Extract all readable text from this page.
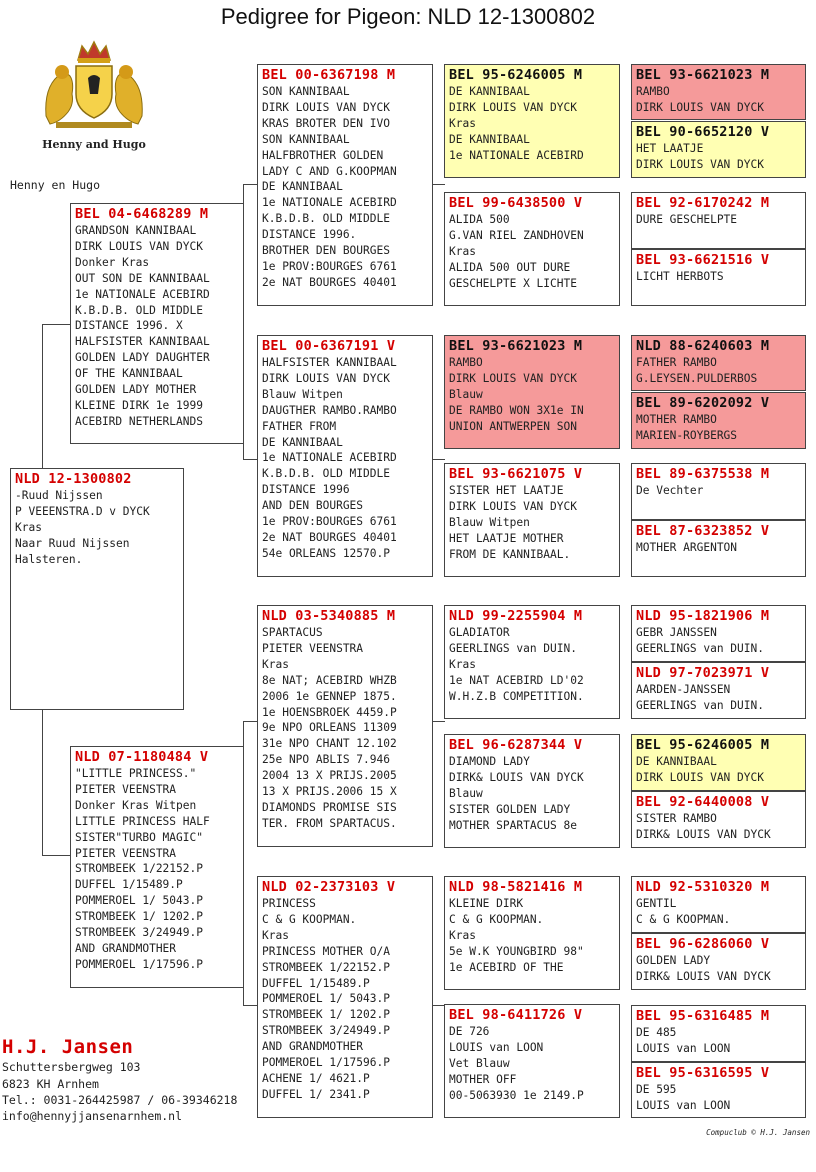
Pedigree for Pigeon: NLD 12-1300802
Henny and Hugo
Henny en Hugo
NLD 12-1300802
-Ruud Nijssen
P VEEENSTRA.D v DYCK
Kras
Naar Ruud Nijssen
Halsteren.
BEL 04-6468289 M
GRANDSON KANNIBAAL
DIRK LOUIS VAN DYCK
Donker Kras
OUT SON DE KANNIBAAL
1e NATIONALE ACEBIRD
K.B.D.B. OLD MIDDLE
DISTANCE 1996. X
HALFSISTER KANNIBAAL
GOLDEN LADY DAUGHTER
OF THE KANNIBAAL
GOLDEN LADY MOTHER
KLEINE DIRK 1e 1999
ACEBIRD NETHERLANDS
NLD 07-1180484 V
"LITTLE PRINCESS."
PIETER VEENSTRA
Donker Kras Witpen
LITTLE PRINCESS HALF
SISTER"TURBO MAGIC"
PIETER VEENSTRA
STROMBEEK 1/22152.P
DUFFEL 1/15489.P
POMMEROEL 1/ 5043.P
STROMBEEK 1/ 1202.P
STROMBEEK 3/24949.P
AND GRANDMOTHER
POMMEROEL 1/17596.P
BEL 00-6367198 M
SON KANNIBAAL
DIRK LOUIS VAN DYCK
KRAS BROTER DEN IVO
SON KANNIBAAL
HALFBROTHER GOLDEN
LADY C AND G.KOOPMAN
DE KANNIBAAL
1e NATIONALE ACEBIRD
K.B.D.B. OLD MIDDLE
DISTANCE 1996.
BROTHER DEN BOURGES
1e PROV:BOURGES 6761
2e NAT BOURGES 40401
BEL 00-6367191 V
HALFSISTER KANNIBAAL
DIRK LOUIS VAN DYCK
Blauw Witpen
DAUGTHER RAMBO.RAMBO
FATHER FROM
DE KANNIBAAL
1e NATIONALE ACEBIRD
K.B.D.B. OLD MIDDLE
DISTANCE 1996
AND DEN BOURGES
1e PROV:BOURGES 6761
2e NAT BOURGES 40401
54e ORLEANS 12570.P
NLD 03-5340885 M
SPARTACUS
PIETER VEENSTRA
Kras
8e NAT; ACEBIRD WHZB
2006 1e GENNEP 1875.
1e HOENSBROEK 4459.P
9e NPO ORLEANS 11309
31e NPO CHANT 12.102
25e NPO ABLIS 7.946
2004 13 X PRIJS.2005
13 X PRIJS.2006 15 X
DIAMONDS PROMISE SIS
TER. FROM SPARTACUS.
NLD 02-2373103 V
PRINCESS
C & G KOOPMAN.
Kras
PRINCESS MOTHER O/A
STROMBEEK 1/22152.P
DUFFEL 1/15489.P
POMMEROEL 1/ 5043.P
STROMBEEK 1/ 1202.P
STROMBEEK 3/24949.P
AND GRANDMOTHER
POMMEROEL 1/17596.P
ACHENE 1/ 4621.P
DUFFEL 1/ 2341.P
BEL 95-6246005 M
DE KANNIBAAL
DIRK LOUIS VAN DYCK
Kras
DE KANNIBAAL
1e NATIONALE ACEBIRD
BEL 99-6438500 V
ALIDA 500
G.VAN RIEL ZANDHOVEN
Kras
ALIDA 500 OUT DURE
GESCHELPTE X LICHTE
BEL 93-6621023 M
RAMBO
DIRK LOUIS VAN DYCK
Blauw
DE RAMBO WON 3X1e IN
UNION ANTWERPEN SON
BEL 93-6621075 V
SISTER HET LAATJE
DIRK LOUIS VAN DYCK
Blauw Witpen
HET LAATJE MOTHER
FROM DE KANNIBAAL.
NLD 99-2255904 M
GLADIATOR
GEERLINGS van DUIN.
Kras
1e NAT ACEBIRD LD'02
W.H.Z.B COMPETITION.
BEL 96-6287344 V
DIAMOND LADY
DIRK& LOUIS VAN DYCK
Blauw
SISTER GOLDEN LADY
MOTHER SPARTACUS 8e
NLD 98-5821416 M
KLEINE DIRK
C & G KOOPMAN.
Kras
5e W.K YOUNGBIRD 98"
1e ACEBIRD OF THE
BEL 98-6411726 V
DE 726
LOUIS van LOON
Vet Blauw
MOTHER OFF
00-5063930 1e 2149.P
BEL 93-6621023 M
RAMBO
DIRK LOUIS VAN DYCK
BEL 90-6652120 V
HET LAATJE
DIRK LOUIS VAN DYCK
BEL 92-6170242 M
DURE GESCHELPTE
BEL 93-6621516 V
LICHT HERBOTS
NLD 88-6240603 M
FATHER RAMBO
G.LEYSEN.PULDERBOS
BEL 89-6202092 V
MOTHER RAMBO
MARIEN-ROYBERGS
BEL 89-6375538 M
De Vechter
BEL 87-6323852 V
MOTHER ARGENTON
NLD 95-1821906 M
GEBR JANSSEN
GEERLINGS van DUIN.
NLD 97-7023971 V
AARDEN-JANSSEN
GEERLINGS van DUIN.
BEL 95-6246005 M
DE KANNIBAAL
DIRK LOUIS VAN DYCK
BEL 92-6440008 V
SISTER RAMBO
DIRK& LOUIS VAN DYCK
NLD 92-5310320 M
GENTIL
C & G KOOPMAN.
BEL 96-6286060 V
GOLDEN LADY
DIRK& LOUIS VAN DYCK
BEL 95-6316485 M
DE 485
LOUIS van LOON
BEL 95-6316595 V
DE 595
LOUIS van LOON
H.J. Jansen
Schuttersbergweg 103
6823 KH Arnhem
Tel.: 0031-264425987 / 06-39346218
info@hennyjjansenarnhem.nl
Compuclub © H.J. Jansen
